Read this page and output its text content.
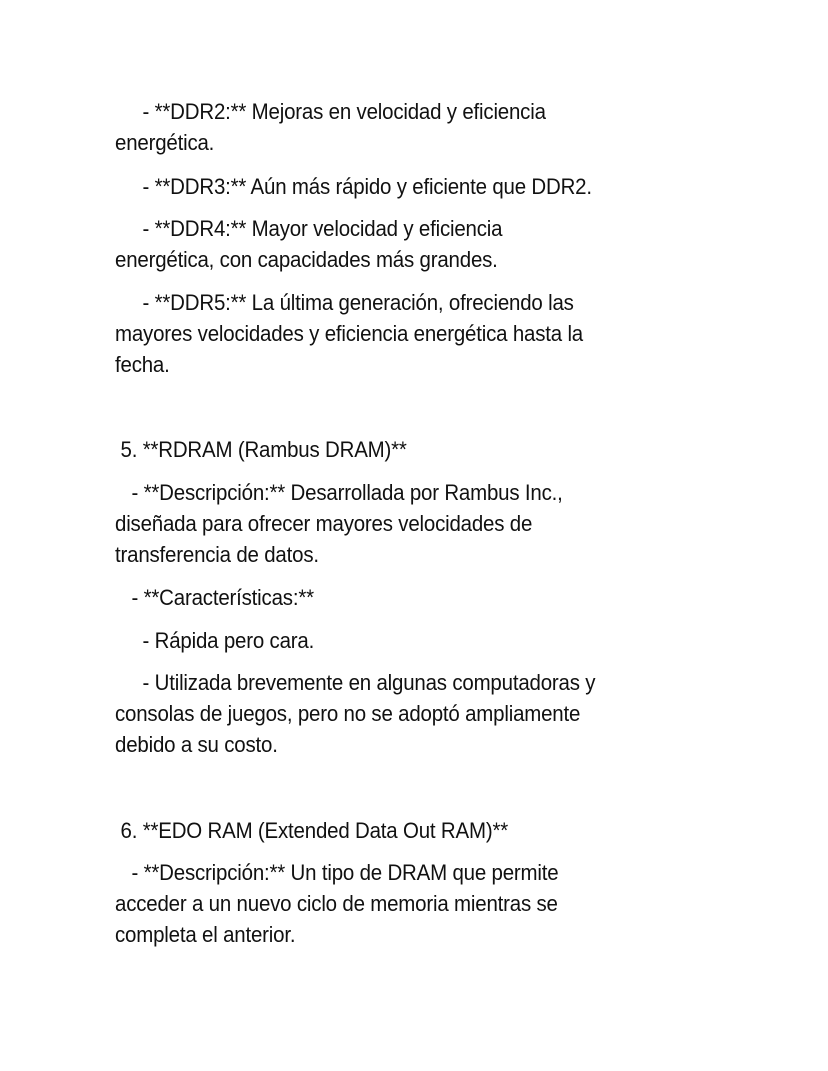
- **DDR2:** Mejoras en velocidad y eficiencia
energética.
- **DDR3:** Aún más rápido y eficiente que DDR2.
- **DDR4:** Mayor velocidad y eficiencia
energética, con capacidades más grandes.
- **DDR5:** La última generación, ofreciendo las
mayores velocidades y eficiencia energética hasta la
fecha.
5. **RDRAM (Rambus DRAM)**
- **Descripción:** Desarrollada por Rambus Inc.,
diseñada para ofrecer mayores velocidades de
transferencia de datos.
- **Características:**
- Rápida pero cara.
- Utilizada brevemente en algunas computadoras y
consolas de juegos, pero no se adoptó ampliamente
debido a su costo.
6. **EDO RAM (Extended Data Out RAM)**
- **Descripción:** Un tipo de DRAM que permite
acceder a un nuevo ciclo de memoria mientras se
completa el anterior.
